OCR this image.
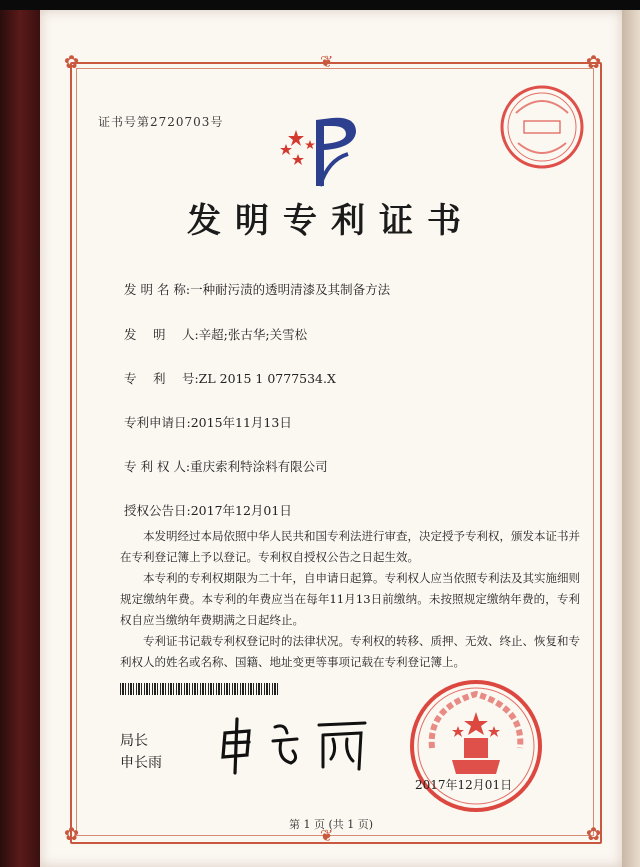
✿	✿
✿	✿
❦
❦
证书号第2720703号
发明专利证书
发 明 名 称:一种耐污渍的透明清漆及其制备方法
发　 明　 人:辛超;张古华;关雪松
专　 利　 号:ZL 2015 1 0777534.X
专利申请日:2015年11月13日
专 利 权 人:重庆索利特涂料有限公司
授权公告日:2017年12月01日

本发明经过本局依照中华人民共和国专利法进行审查，决定授予专利权，颁发本证书并在专利登记簿上予以登记。专利权自授权公告之日起生效。

本专利的专利权期限为二十年，自申请日起算。专利权人应当依照专利法及其实施细则规定缴纳年费。本专利的年费应当在每年11月13日前缴纳。未按照规定缴纳年费的，专利权自应当缴纳年费期满之日起终止。

专利证书记载专利权登记时的法律状况。专利权的转移、质押、无效、终止、恢复和专利权人的姓名或名称、国籍、地址变更等事项记载在专利登记簿上。

局长
申长雨
2017年12月01日
第 1 页 (共 1 页)
